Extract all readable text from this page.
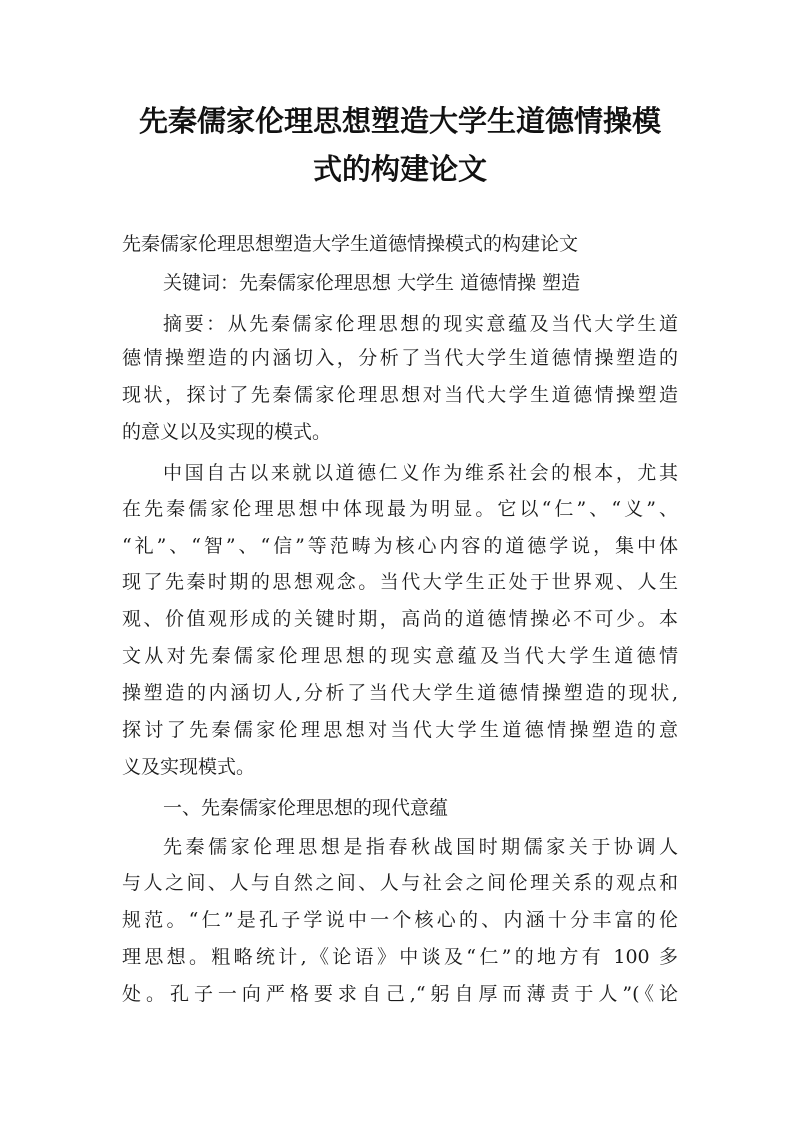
先秦儒家伦理思想塑造大学生道德情操模
式的构建论文
先秦儒家伦理思想塑造大学生道德情操模式的构建论文
关键词：先秦儒家伦理思想 大学生 道德情操 塑造
摘要：从先秦儒家伦理思想的现实意蕴及当代大学生道
德情操塑造的内涵切入，分析了当代大学生道德情操塑造的
现状，探讨了先秦儒家伦理思想对当代大学生道德情操塑造
的意义以及实现的模式。
中国自古以来就以道德仁义作为维系社会的根本，尤其
在先秦儒家伦理思想中体现最为明显。它以“仁”、“义”、
“礼”、“智”、“信”等范畴为核心内容的道德学说，集中体
现了先秦时期的思想观念。当代大学生正处于世界观、人生
观、价值观形成的关键时期，高尚的道德情操必不可少。本
文从对先秦儒家伦理思想的现实意蕴及当代大学生道德情
操塑造的内涵切人,分析了当代大学生道德情操塑造的现状,
探讨了先秦儒家伦理思想对当代大学生道德情操塑造的意
义及实现模式。
一、先秦儒家伦理思想的现代意蕴
先秦儒家伦理思想是指春秋战国时期儒家关于协调人
与人之间、人与自然之间、人与社会之间伦理关系的观点和
规范。“仁”是孔子学说中一个核心的、内涵十分丰富的伦
理思想。粗略统计,《论语》中谈及“仁”的地方有 100 多
处。孔子一向严格要求自己,“躬自厚而薄责于人”(《论
